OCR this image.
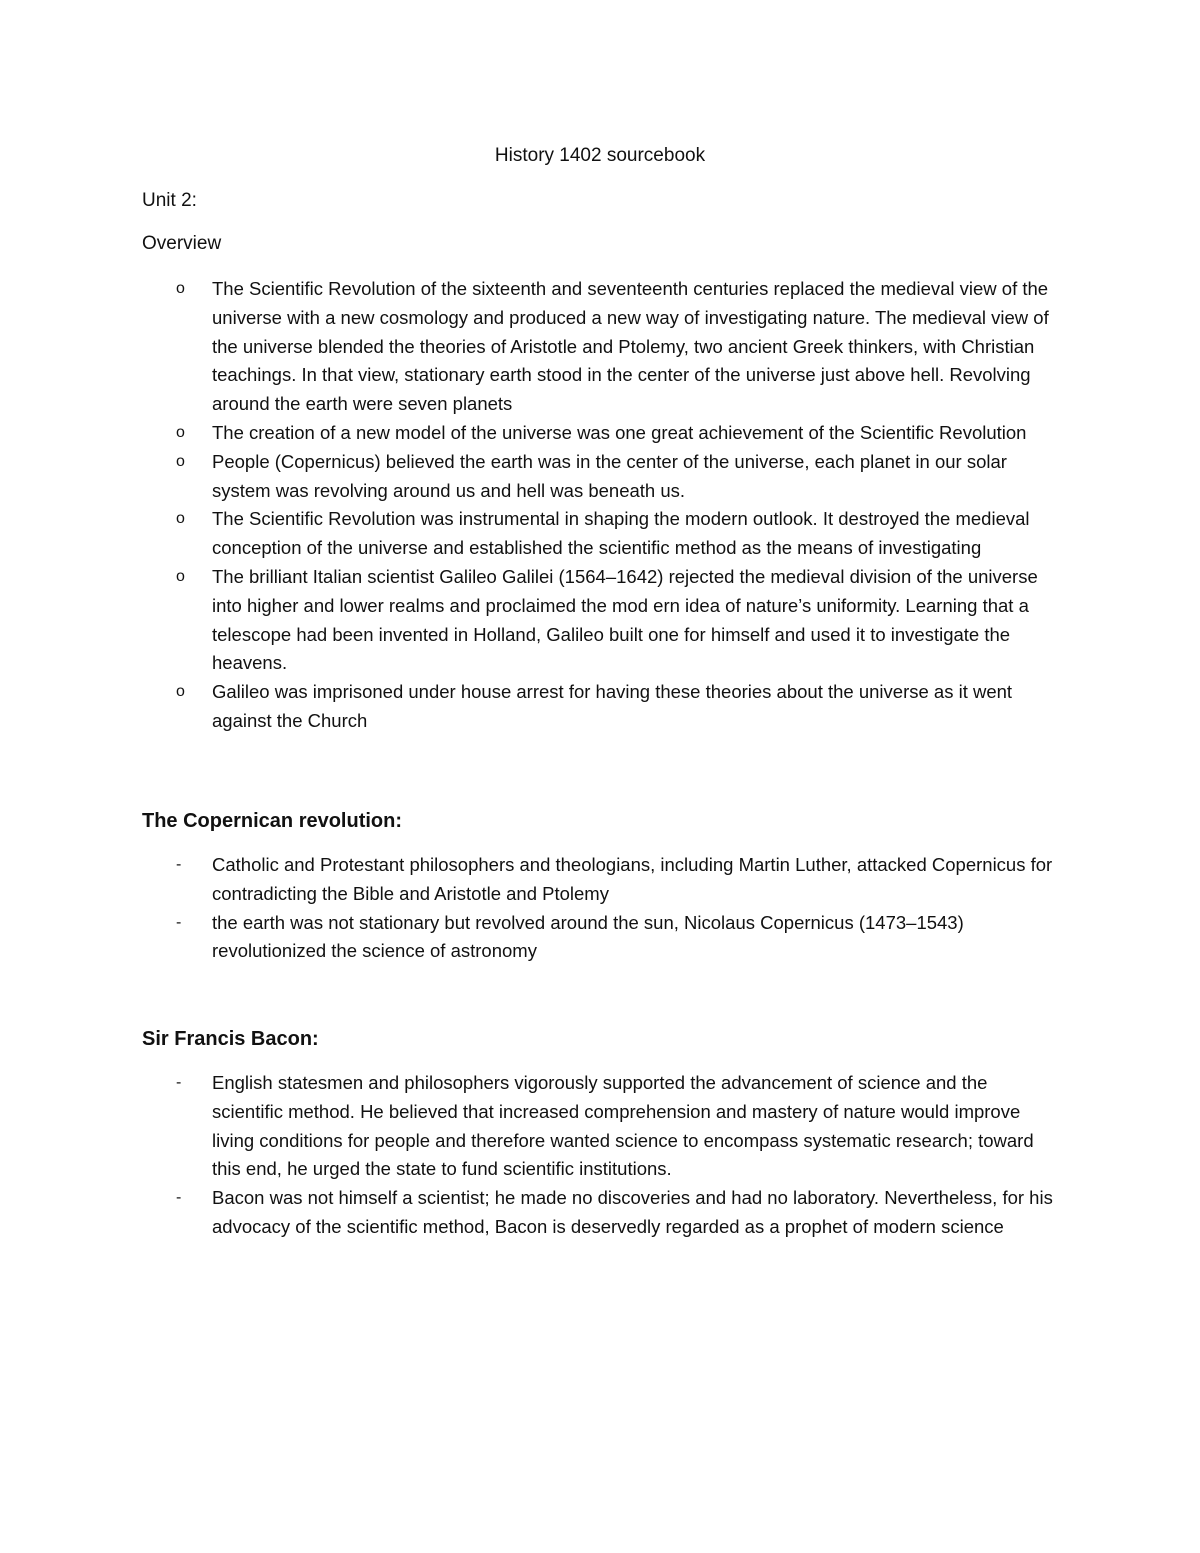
History 1402 sourcebook
Unit 2:
Overview
o The Scientific Revolution of the sixteenth and seventeenth centuries replaced the medieval view of the universe with a new cosmology and produced a new way of investigating nature. The medieval view of the universe blended the theories of Aristotle and Ptolemy, two ancient Greek thinkers, with Christian teachings. In that view, stationary earth stood in the center of the universe just above hell. Revolving around the earth were seven planets
o The creation of a new model of the universe was one great achievement of the Scientific Revolution
o People (Copernicus) believed the earth was in the center of the universe, each planet in our solar system was revolving around us and hell was beneath us.
o The Scientific Revolution was instrumental in shaping the modern outlook. It destroyed the medieval conception of the universe and established the scientific method as the means of investigating
o The brilliant Italian scientist Galileo Galilei (1564–1642) rejected the medieval division of the universe into higher and lower realms and proclaimed the mod ern idea of nature’s uniformity. Learning that a telescope had been invented in Holland, Galileo built one for himself and used it to investigate the heavens.
o Galileo was imprisoned under house arrest for having these theories about the universe as it went against the Church
The Copernican revolution:
- Catholic and Protestant philosophers and theologians, including Martin Luther, attacked Copernicus for contradicting the Bible and Aristotle and Ptolemy
- the earth was not stationary but revolved around the sun, Nicolaus Copernicus (1473–1543) revolutionized the science of astronomy
Sir Francis Bacon:
- English statesmen and philosophers vigorously supported the advancement of science and the scientific method. He believed that increased comprehension and mastery of nature would improve living conditions for people and therefore wanted science to encompass systematic research; toward this end, he urged the state to fund scientific institutions.
- Bacon was not himself a scientist; he made no discoveries and had no laboratory. Nevertheless, for his advocacy of the scientific method, Bacon is deservedly regarded as a prophet of modern science
